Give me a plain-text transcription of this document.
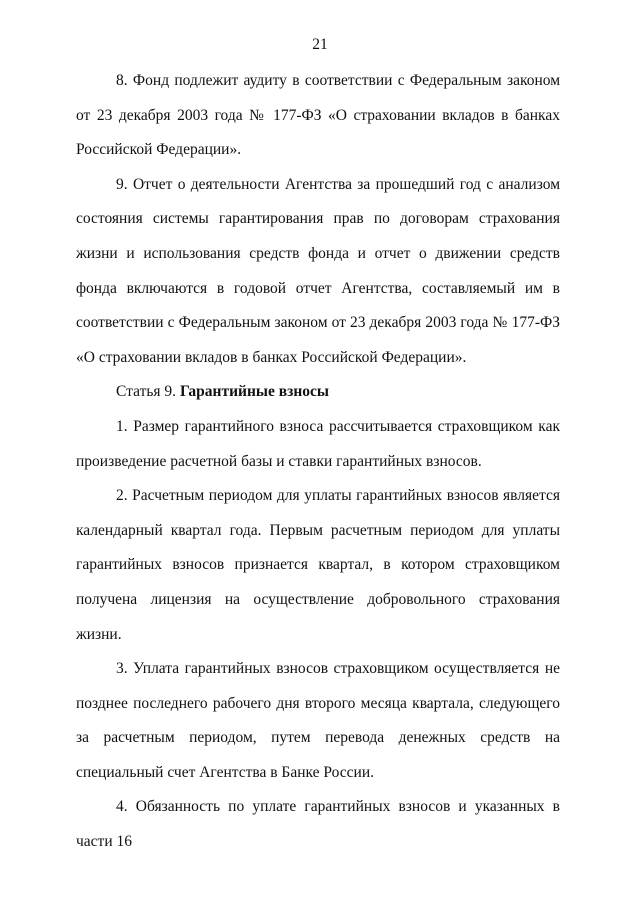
21

8. Фонд подлежит аудиту в соответствии с Федеральным законом от 23 декабря 2003 года № 177-ФЗ «О страховании вкладов в банках Российской Федерации».

9. Отчет о деятельности Агентства за прошедший год с анализом состояния системы гарантирования прав по договорам страхования жизни и использования средств фонда и отчет о движении средств фонда включаются в годовой отчет Агентства, составляемый им в соответствии с Федеральным законом от 23 декабря 2003 года № 177-ФЗ «О страховании вкладов в банках Российской Федерации».

Статья 9. Гарантийные взносы

1. Размер гарантийного взноса рассчитывается страховщиком как произведение расчетной базы и ставки гарантийных взносов.

2. Расчетным периодом для уплаты гарантийных взносов является календарный квартал года. Первым расчетным периодом для уплаты гарантийных взносов признается квартал, в котором страховщиком получена лицензия на осуществление добровольного страхования жизни.

3. Уплата гарантийных взносов страховщиком осуществляется не позднее последнего рабочего дня второго месяца квартала, следующего за расчетным периодом, путем перевода денежных средств на специальный счет Агентства в Банке России.

4. Обязанность по уплате гарантийных взносов и указанных в части 16
